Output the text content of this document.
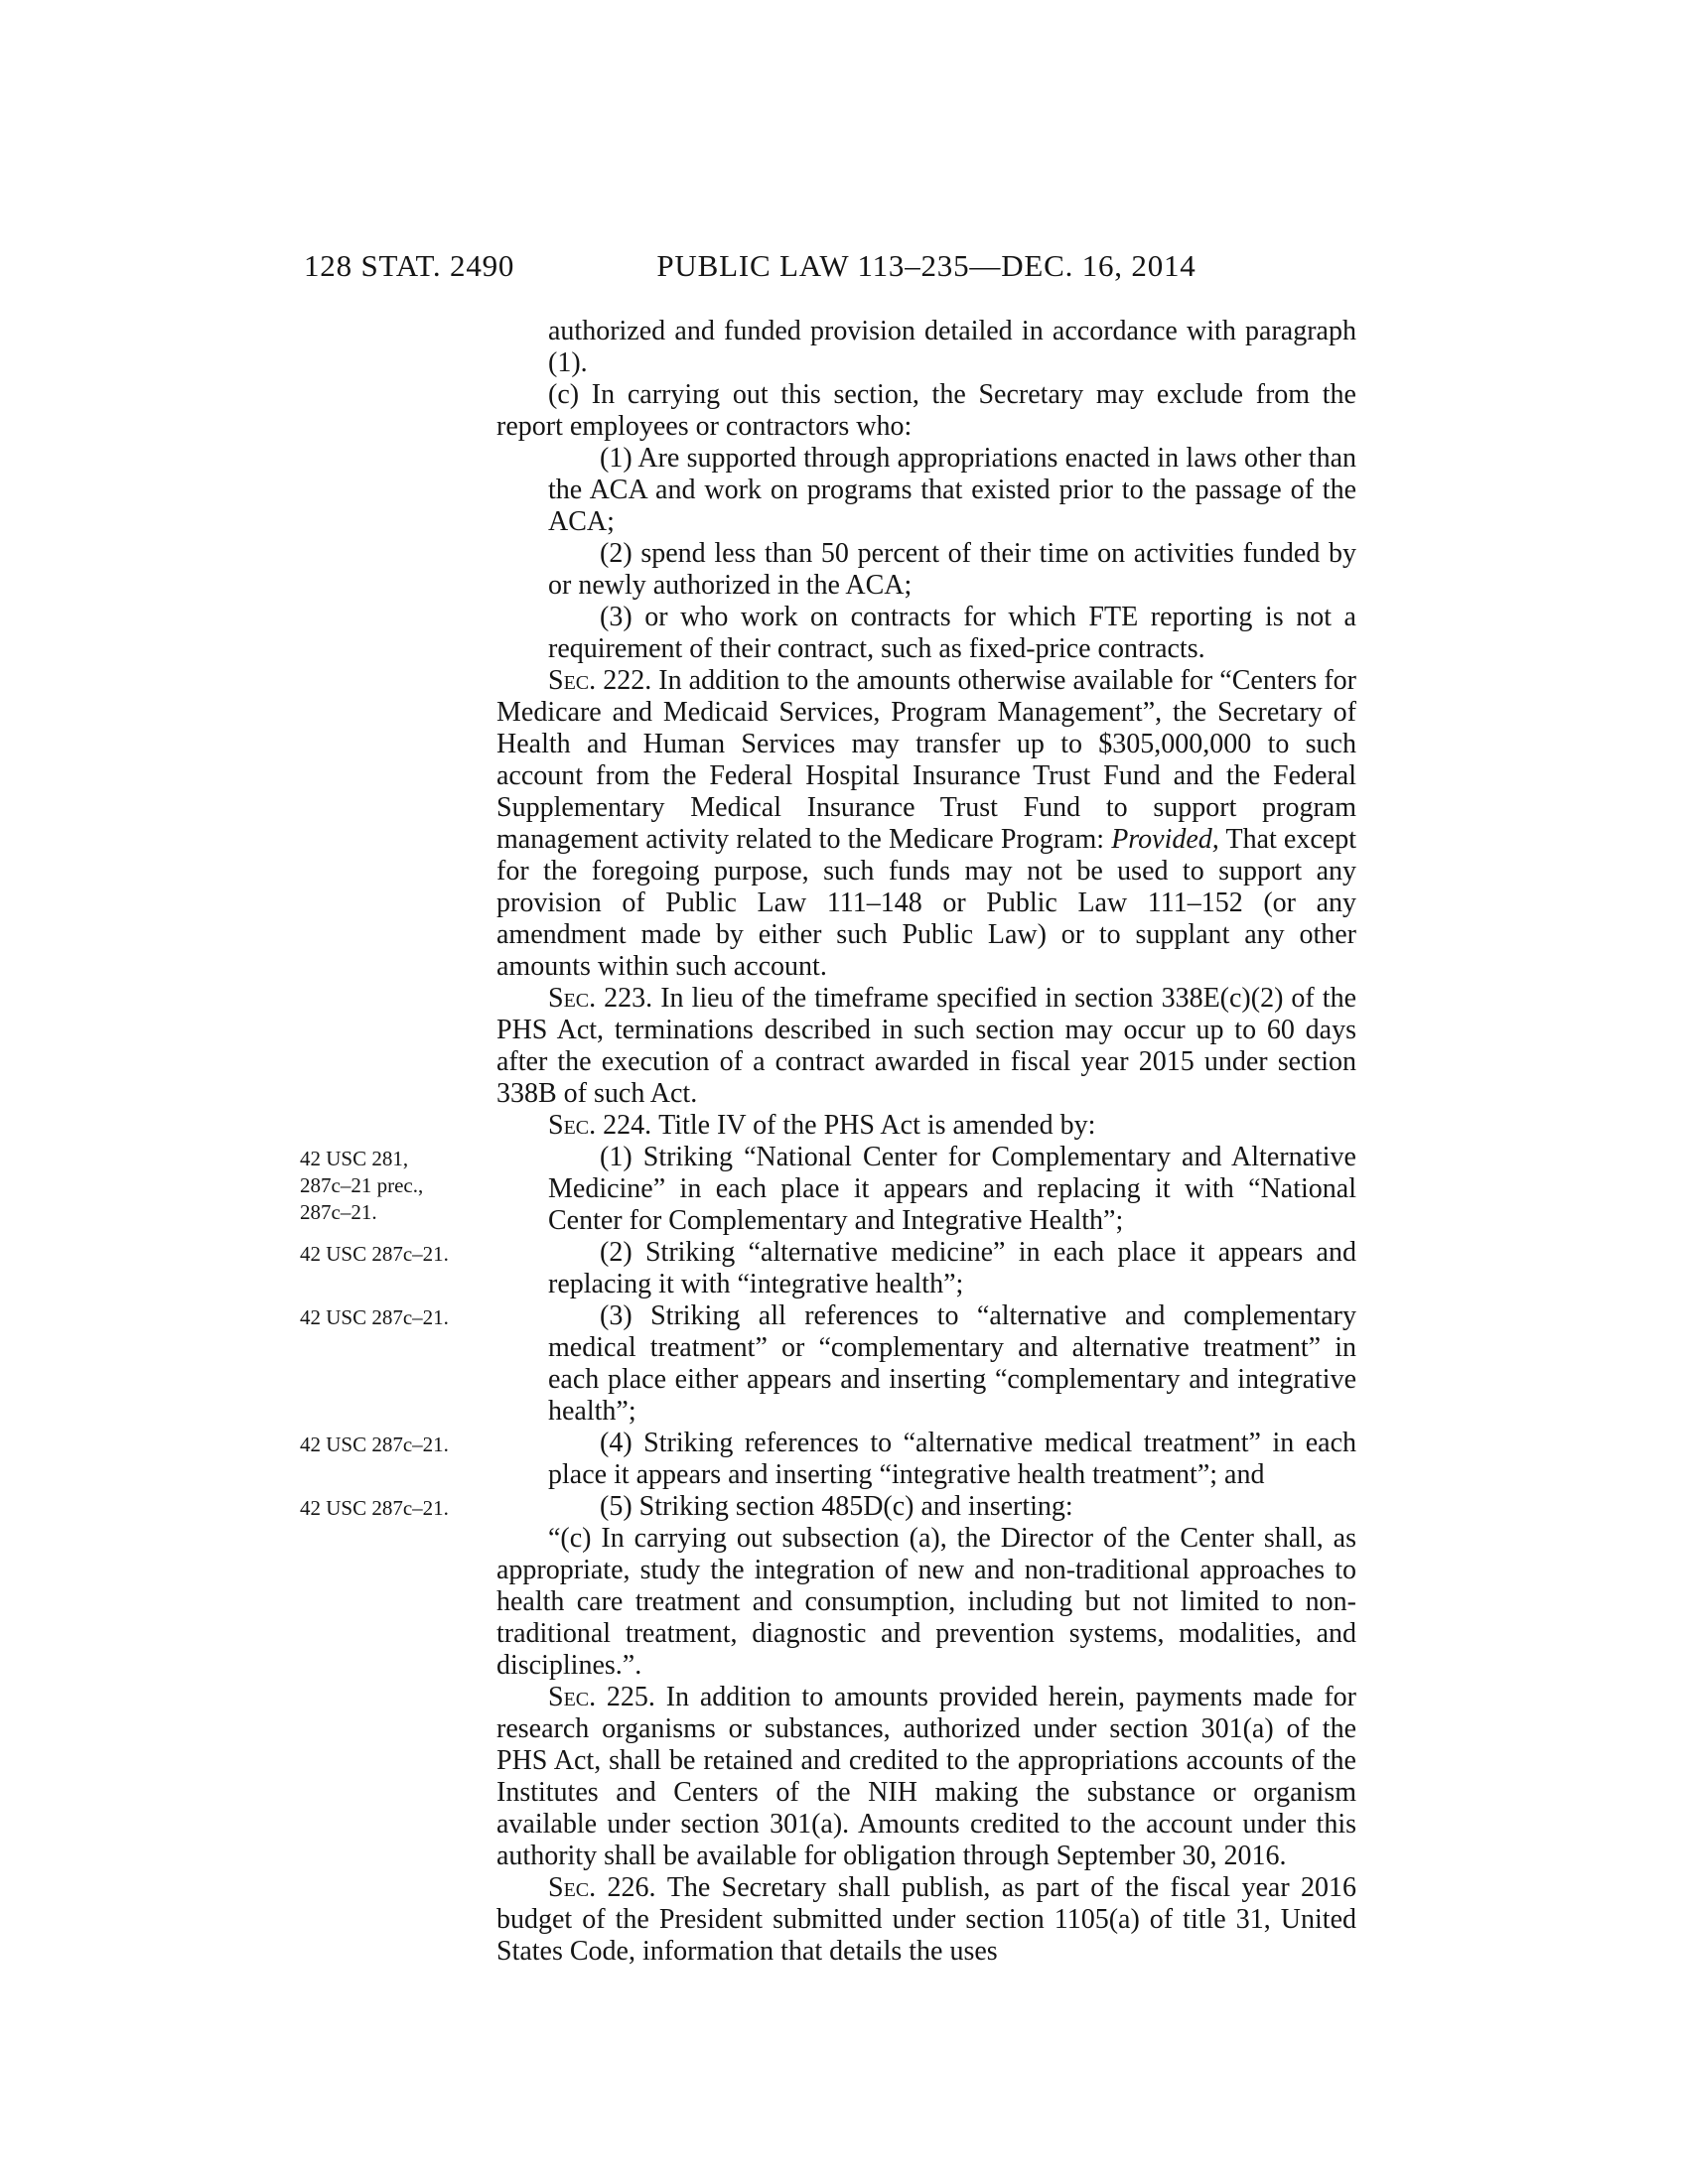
128 STAT. 2490	PUBLIC LAW 113–235—DEC. 16, 2014

authorized and funded provision detailed in accordance with paragraph (1).

(c) In carrying out this section, the Secretary may exclude from the report employees or contractors who:

(1) Are supported through appropriations enacted in laws other than the ACA and work on programs that existed prior to the passage of the ACA;

(2) spend less than 50 percent of their time on activities funded by or newly authorized in the ACA;

(3) or who work on contracts for which FTE reporting is not a requirement of their contract, such as fixed-price contracts.

Sec. 222. In addition to the amounts otherwise available for “Centers for Medicare and Medicaid Services, Program Management”, the Secretary of Health and Human Services may transfer up to $305,000,000 to such account from the Federal Hospital Insurance Trust Fund and the Federal Supplementary Medical Insurance Trust Fund to support program management activity related to the Medicare Program: Provided, That except for the foregoing purpose, such funds may not be used to support any provision of Public Law 111–148 or Public Law 111–152 (or any amendment made by either such Public Law) or to supplant any other amounts within such account.

Sec. 223. In lieu of the timeframe specified in section 338E(c)(2) of the PHS Act, terminations described in such section may occur up to 60 days after the execution of a contract awarded in fiscal year 2015 under section 338B of such Act.

Sec. 224. Title IV of the PHS Act is amended by:

42 USC 281,
287c–21 prec.,
287c–21.

(1) Striking “National Center for Complementary and Alternative Medicine” in each place it appears and replacing it with “National Center for Complementary and Integrative Health”;

42 USC 287c–21.	(2) Striking “alternative medicine” in each place it appears and replacing it with “integrative health”;

42 USC 287c–21.	(3) Striking all references to “alternative and complementary medical treatment” or “complementary and alternative treatment” in each place either appears and inserting “complementary and integrative health”;

42 USC 287c–21.	(4) Striking references to “alternative medical treatment” in each place it appears and inserting “integrative health treatment”; and

42 USC 287c–21.	(5) Striking section 485D(c) and inserting:

“(c) In carrying out subsection (a), the Director of the Center shall, as appropriate, study the integration of new and non-traditional approaches to health care treatment and consumption, including but not limited to non-traditional treatment, diagnostic and prevention systems, modalities, and disciplines.”.

Sec. 225. In addition to amounts provided herein, payments made for research organisms or substances, authorized under section 301(a) of the PHS Act, shall be retained and credited to the appropriations accounts of the Institutes and Centers of the NIH making the substance or organism available under section 301(a). Amounts credited to the account under this authority shall be available for obligation through September 30, 2016.

Sec. 226. The Secretary shall publish, as part of the fiscal year 2016 budget of the President submitted under section 1105(a) of title 31, United States Code, information that details the uses
